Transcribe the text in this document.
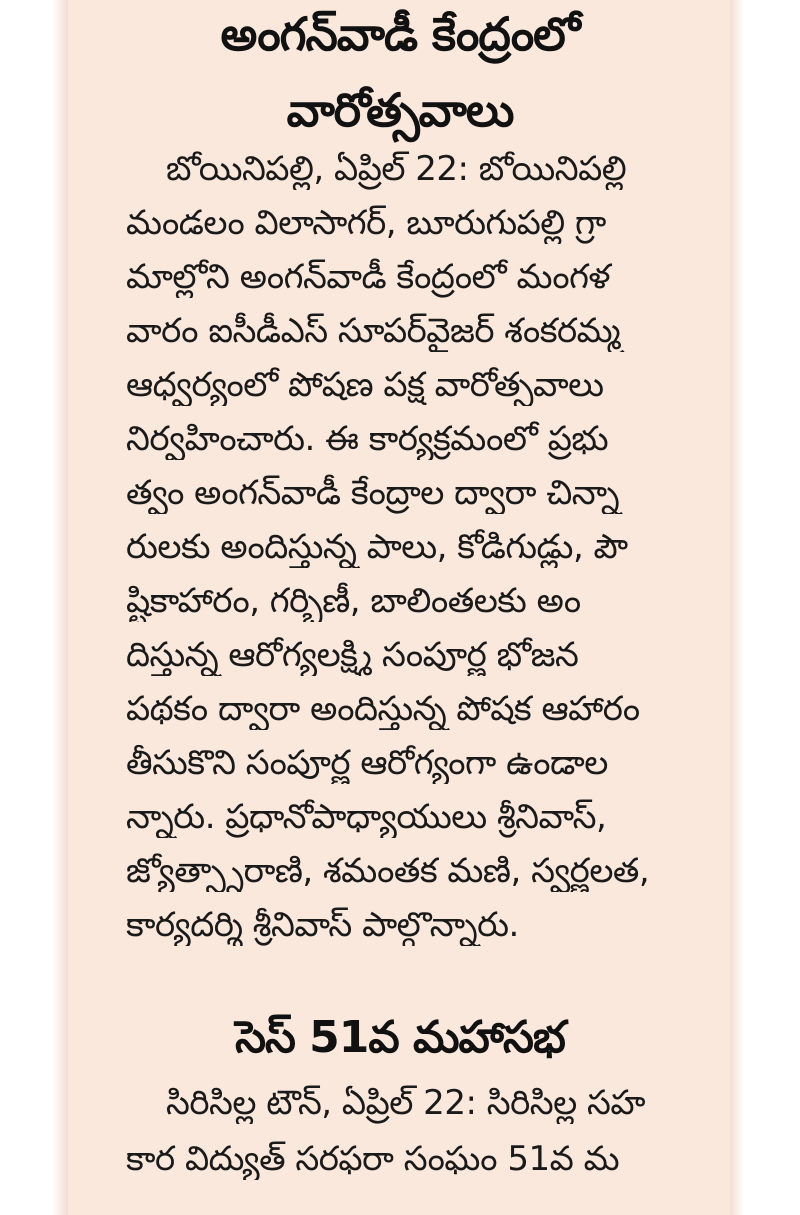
అంగన్‌వాడీ కేంద్రంలో
వారోత్సవాలు
బోయినిపల్లి, ఏప్రిల్ 22: బోయినిపల్లి
మండలం విలాసాగర్, బూరుగుపల్లి గ్రా
మాల్లోని అంగన్‌వాడీ కేంద్రంలో మంగళ
వారం ఐసీడీఎస్ సూపర్‌వైజర్ శంకరమ్మ
ఆధ్వర్యంలో పోషణ పక్ష వారోత్సవాలు
నిర్వహించారు. ఈ కార్యక్రమంలో ప్రభు
త్వం అంగన్‌వాడీ కేంద్రాల ద్వారా చిన్నా
రులకు అందిస్తున్న పాలు, కోడిగుడ్లు, పౌ
ష్టికాహారం, గర్భిణీ, బాలింతలకు అం
దిస్తున్న ఆరోగ్యలక్ష్మి సంపూర్ణ భోజన
పథకం ద్వారా అందిస్తున్న పోషక ఆహారం
తీసుకొని సంపూర్ణ ఆరోగ్యంగా ఉండాల
న్నారు. ప్రధానోపాధ్యాయులు శ్రీనివాస్,
జ్యోత్స్నారాణి, శమంతక మణి, స్వర్ణలత,
కార్యదర్శి శ్రీనివాస్ పాల్గొన్నారు.
సెస్ 51వ మహాసభ
సిరిసిల్ల టౌన్, ఏప్రిల్ 22: సిరిసిల్ల సహ
కార విద్యుత్ సరఫరా సంఘం 51వ మ
